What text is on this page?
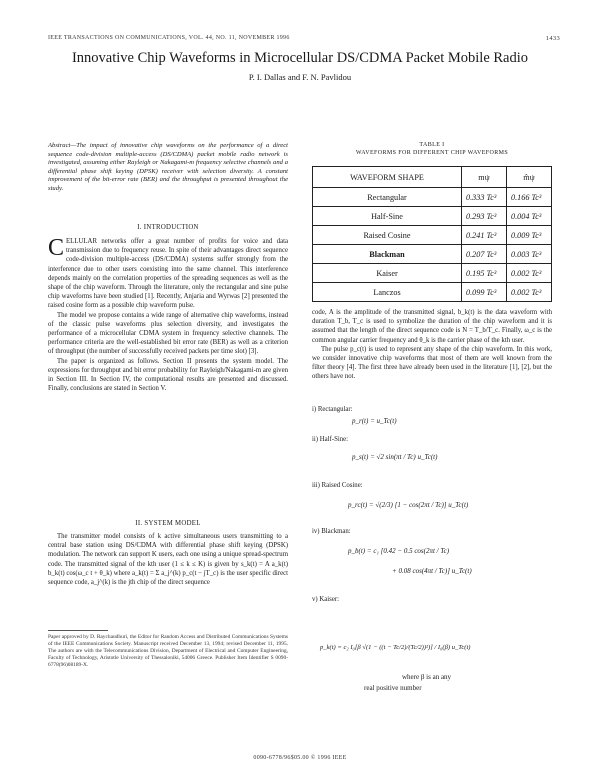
IEEE TRANSACTIONS ON COMMUNICATIONS, VOL. 44, NO. 11, NOVEMBER 1996	1433
Innovative Chip Waveforms in Microcellular DS/CDMA Packet Mobile Radio
P. I. Dallas and F. N. Pavlidou
Abstract—The impact of innovative chip waveforms on the performance of a direct sequence code-division multiple-access (DS/CDMA) packet mobile radio network is investigated, assuming either Rayleigh or Nakagami-m frequency selective channels and a differential phase shift keying (DPSK) receiver with selection diversity. A constant improvement of the bit-error rate (BER) and the throughput is presented throughout the study.
I. INTRODUCTION

CELLULAR networks offer a great number of profits for voice and data transmission due to frequency reuse. In spite of their advantages direct sequence code-division multiple-access (DS/CDMA) systems suffer strongly from the interference due to other users coexisting into the same channel. This interference depends mainly on the correlation properties of the spreading sequences as well as the shape of the chip waveform. Through the literature, only the rectangular and sine pulse chip waveforms have been studied [1]. Recently, Anjaria and Wyrwas [2] presented the raised cosine form as a possible chip waveform pulse.

The model we propose contains a wide range of alternative chip waveforms, instead of the classic pulse waveforms plus selection diversity, and investigates the performance of a microcellular CDMA system in frequency selective channels. The performance criteria are the well-established bit error rate (BER) as well as a criterion of throughput (the number of successfully received packets per time slot) [3].

The paper is organized as follows. Section II presents the system model. The expressions for throughput and bit error probability for Rayleigh/Nakagami-m are given in Section III. In Section IV, the computational results are presented and discussed. Finally, conclusions are stated in Section V.

II. SYSTEM MODEL

The transmitter model consists of k active simultaneous users transmitting to a central base station using DS/CDMA with differential phase shift keying (DPSK) modulation. The network can support K users, each one using a unique spread-spectrum code. The transmitted signal of the kth user (1 ≤ k ≤ K) is given by s_k(t) = A a_k(t) b_k(t) cos(ω_c t + θ_k) where a_k(t) = Σ a_j^(k) p_c(t − jT_c) is the user specific direct sequence code, a_j^(k) is the jth chip of the direct sequence

Paper approved by D. Raychaudhuri, the Editor for Random Access and Distributed Communications Systems of the IEEE Communications Society. Manuscript received December 13, 1994; revised December 11, 1995. The authors are with the Telecommunications Division, Department of Electrical and Computer Engineering, Faculty of Technology, Aristotle University of Thessaloniki, 54006 Greece. Publisher Item Identifier S 0090-6778(96)08189-X.
TABLE I
WAVEFORMS FOR DIFFERENT CHIP WAVEFORMS
WAVEFORM SHAPE	mψ	m̂ψ
Rectangular	0.333 Tc³	0.166 Tc³
Half-Sine	0.293 Tc³	0.004 Tc³
Raised Cosine	0.241 Tc³	0.009 Tc³
Blackman	0.207 Tc³	0.003 Tc³
Kaiser	0.195 Tc³	0.002 Tc³
Lanczos	0.099 Tc³	0.002 Tc³

code, A is the amplitude of the transmitted signal, b_k(t) is the data waveform with duration T_b, T_c is used to symbolize the duration of the chip waveform and it is assumed that the length of the direct sequence code is N = T_b/T_c. Finally, ω_c is the common angular carrier frequency and θ_k is the carrier phase of the kth user.

The pulse p_c(t) is used to represent any shape of the chip waveform. In this work, we consider innovative chip waveforms that most of them are well known from the filter theory [4]. The first three have already been used in the literature [1], [2], but the others have not.

i) Rectangular:
p_r(t) = u_Tc(t)
ii) Half-Sine:
p_s(t) = √2 sin(πt / Tc) u_Tc(t)
iii) Raised Cosine:
p_rc(t) = √(2/3) [1 − cos(2πt / Tc)] u_Tc(t)
iv) Blackman:
p_b(t) = c₁ [0.42 − 0.5 cos(2πt / Tc)
+ 0.08 cos(4πt / Tc)] u_Tc(t)
v) Kaiser:
p_k(t) = c₂ I₀[β √(1 − ((t − Tc/2)/(Tc/2))²)] / I₀(β) u_Tc(t)
where β is an any
real positive number
0090-6778/96$05.00 © 1996 IEEE
